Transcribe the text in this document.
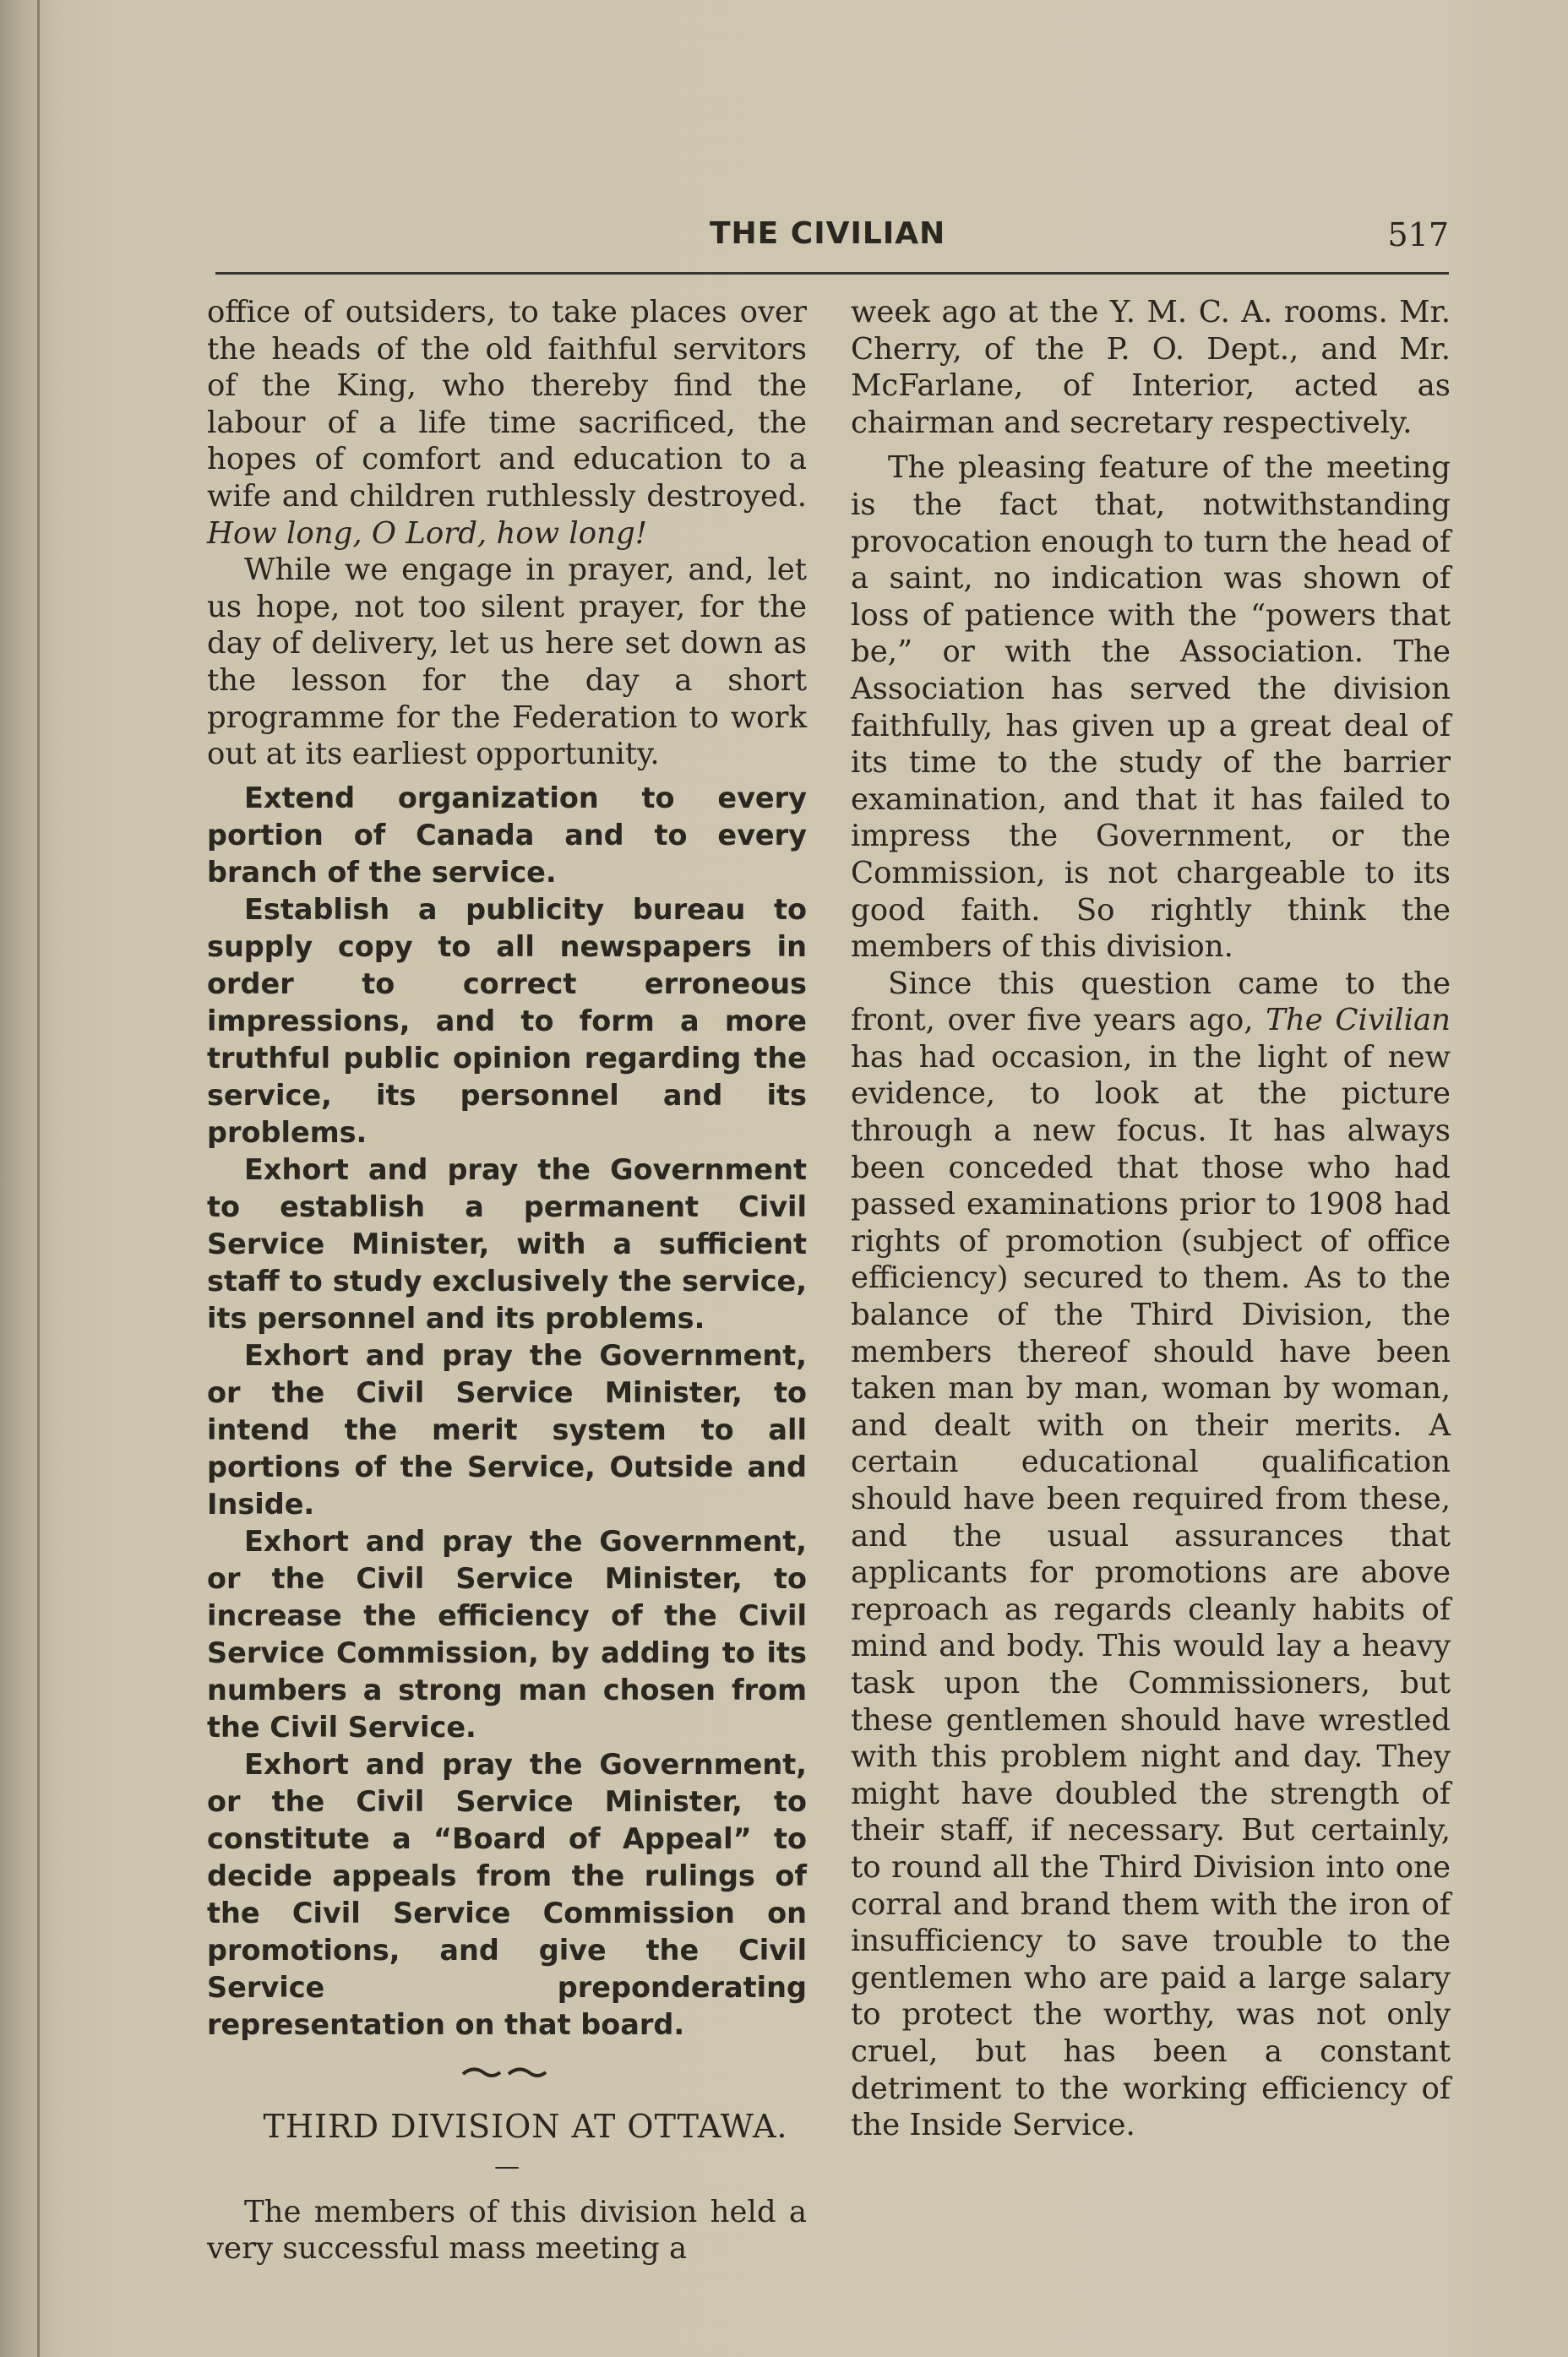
THE CIVILIAN	517

office of outsiders, to take places over the heads of the old faithful servitors of the King, who thereby find the labour of a life time sacrificed, the hopes of comfort and education to a wife and children ruthlessly destroyed. How long, O Lord, how long!

While we engage in prayer, and, let us hope, not too silent prayer, for the day of delivery, let us here set down as the lesson for the day a short programme for the Federation to work out at its earliest opportunity.

Extend organization to every portion of Canada and to every branch of the service.

Establish a publicity bureau to supply copy to all newspapers in order to correct erroneous impressions, and to form a more truthful public opinion regarding the service, its personnel and its problems.

Exhort and pray the Government to establish a permanent Civil Service Minister, with a sufficient staff to study exclusively the service, its personnel and its problems.

Exhort and pray the Government, or the Civil Service Minister, to intend the merit system to all portions of the Service, Outside and Inside.

Exhort and pray the Government, or the Civil Service Minister, to increase the efficiency of the Civil Service Commission, by adding to its numbers a strong man chosen from the Civil Service.

Exhort and pray the Government, or the Civil Service Minister, to constitute a “Board of Appeal” to decide appeals from the rulings of the Civil Service Commission on promotions, and give the Civil Service preponderating representation on that board.

THIRD DIVISION AT OTTAWA.

—

The members of this division held a very successful mass meeting a

week ago at the Y. M. C. A. rooms. Mr. Cherry, of the P. O. Dept., and Mr. McFarlane, of Interior, acted as chairman and secretary respectively.

The pleasing feature of the meeting is the fact that, notwithstanding provocation enough to turn the head of a saint, no indication was shown of loss of patience with the “powers that be,” or with the Association. The Association has served the division faithfully, has given up a great deal of its time to the study of the barrier examination, and that it has failed to impress the Government, or the Commission, is not chargeable to its good faith. So rightly think the members of this division.

Since this question came to the front, over five years ago, The Civilian has had occasion, in the light of new evidence, to look at the picture through a new focus. It has always been conceded that those who had passed examinations prior to 1908 had rights of promotion (subject of office efficiency) secured to them. As to the balance of the Third Division, the members thereof should have been taken man by man, woman by woman, and dealt with on their merits. A certain educational qualification should have been required from these, and the usual assurances that applicants for promotions are above reproach as regards cleanly habits of mind and body. This would lay a heavy task upon the Commissioners, but these gentlemen should have wrestled with this problem night and day. They might have doubled the strength of their staff, if necessary. But certainly, to round all the Third Division into one corral and brand them with the iron of insufficiency to save trouble to the gentlemen who are paid a large salary to protect the worthy, was not only cruel, but has been a constant detriment to the working efficiency of the Inside Service.
